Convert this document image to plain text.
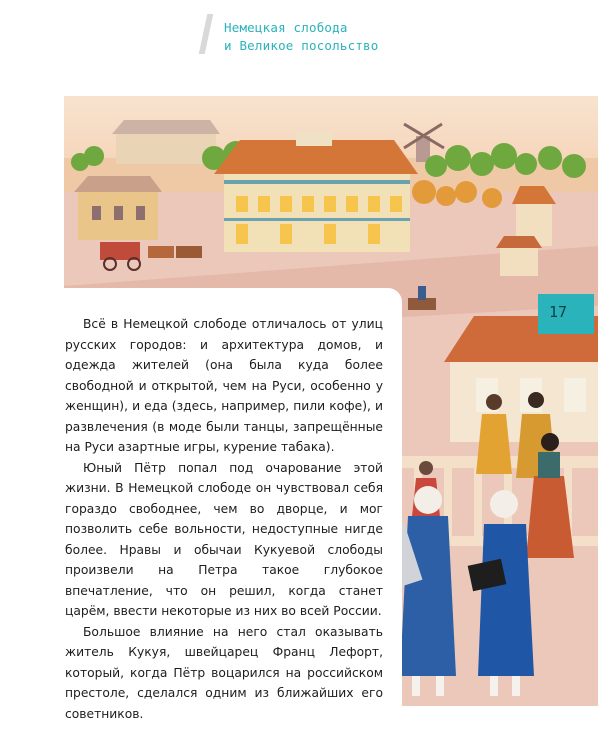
Немецкая слобода
и Великое посольство

Всё в Немецкой слободе отличалось от улиц русских городов: и архитектура домов, и одежда жителей (она была куда более свободной и открытой, чем на Руси, особенно у женщин), и еда (здесь, например, пили кофе), и развлечения (в моде были танцы, запрещённые на Руси азартные игры, курение табака).

Юный Пётр попал под очарование этой жизни. В Немецкой слободе он чувствовал себя гораздо свободнее, чем во дворце, и мог позволить себе вольности, недоступные нигде более. Нравы и обычаи Кукуевой слободы произвели на Петра такое глубокое впечатление, что он решил, когда станет царём, ввести некоторые из них во всей России.

Большое влияние на него стал оказывать житель Кукуя, швейцарец Франц Лефорт, который, когда Пётр воцарился на российском престоле, сделался одним из ближайших его советников.

17
